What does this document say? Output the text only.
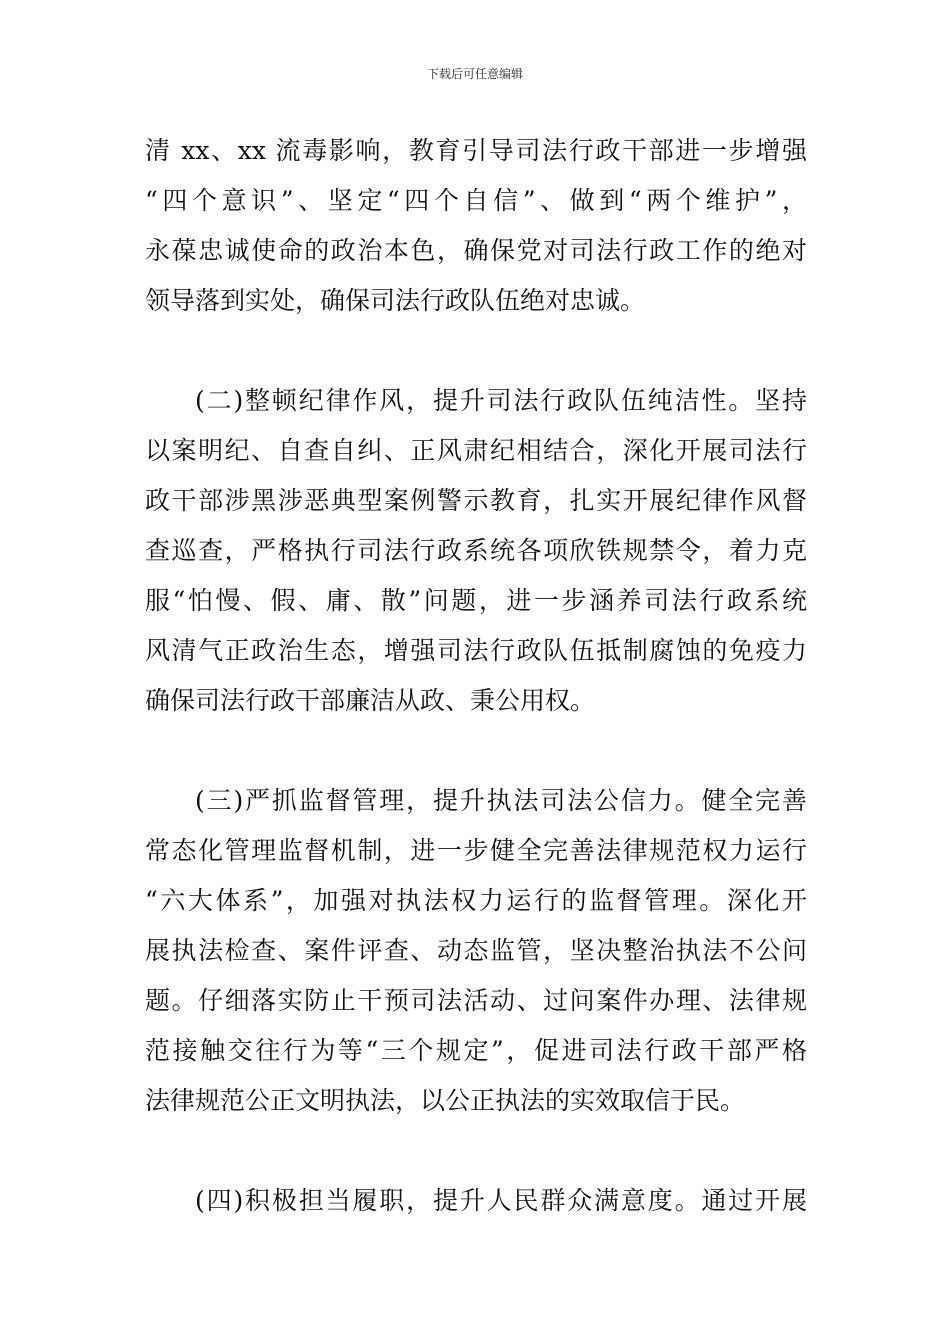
下载后可任意编辑
清 xx、xx 流毒影响，教育引导司法行政干部进一步增强
“四个意识”、坚定“四个自信”、做到“两个维护”，
永葆忠诚使命的政治本色，确保党对司法行政工作的绝对
领导落到实处，确保司法行政队伍绝对忠诚。
(二)整顿纪律作风，提升司法行政队伍纯洁性。坚持
以案明纪、自查自纠、正风肃纪相结合，深化开展司法行
政干部涉黑涉恶典型案例警示教育，扎实开展纪律作风督
查巡查，严格执行司法行政系统各项欣铁规禁令，着力克
服“怕慢、假、庸、散”问题，进一步涵养司法行政系统
风清气正政治生态，增强司法行政队伍抵制腐蚀的免疫力
确保司法行政干部廉洁从政、秉公用权。
(三)严抓监督管理，提升执法司法公信力。健全完善
常态化管理监督机制，进一步健全完善法律规范权力运行
“六大体系”，加强对执法权力运行的监督管理。深化开
展执法检查、案件评查、动态监管，坚决整治执法不公问
题。仔细落实防止干预司法活动、过问案件办理、法律规
范接触交往行为等“三个规定”，促进司法行政干部严格
法律规范公正文明执法，以公正执法的实效取信于民。
(四)积极担当履职，提升人民群众满意度。通过开展
